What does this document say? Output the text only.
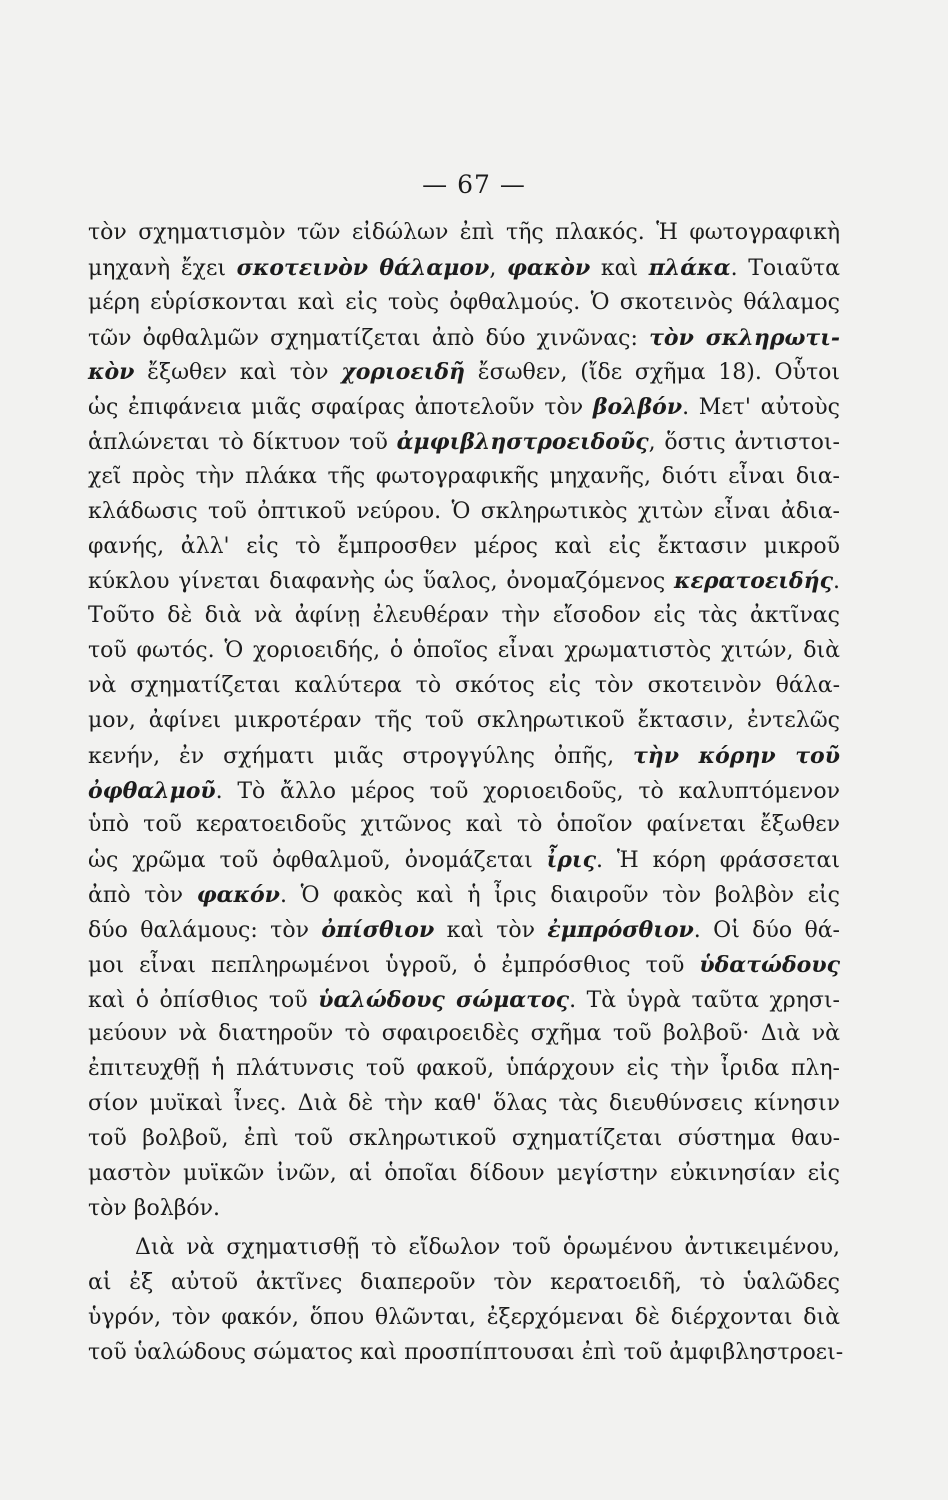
— 67 —
τὸν σχηματισμὸν τῶν εἰδώλων ἐπὶ τῆς πλακός. Ἡ φωτογραφικὴ
μηχανὴ ἔχει σκοτεινὸν θάλαμον, φακὸν καὶ πλάκα. Τοιαῦτα
μέρη εὑρίσκονται καὶ εἰς τοὺς ὀφθαλμούς. Ὁ σκοτεινὸς θάλαμος
τῶν ὀφθαλμῶν σχηματίζεται ἀπὸ δύο χινῶνας: τὸν σκληρωτι-
κὸν ἔξωθεν καὶ τὸν χοριοειδῆ ἔσωθεν, (ἴδε σχῆμα 18). Οὗτοι
ὡς ἐπιφάνεια μιᾶς σφαίρας ἀποτελοῦν τὸν βολβόν. Μετ' αὐτοὺς
ἁπλώνεται τὸ δίκτυον τοῦ ἀμφιβληστροειδοῦς, ὅστις ἀντιστοι-
χεῖ πρὸς τὴν πλάκα τῆς φωτογραφικῆς μηχανῆς, διότι εἶναι δια-
κλάδωσις τοῦ ὀπτικοῦ νεύρου. Ὁ σκληρωτικὸς χιτὼν εἶναι ἀδια-
φανής, ἀλλ' εἰς τὸ ἔμπροσθεν μέρος καὶ εἰς ἔκτασιν μικροῦ
κύκλου γίνεται διαφανὴς ὡς ὕαλος, ὀνομαζόμενος κερατοειδής.
Τοῦτο δὲ διὰ νὰ ἀφίνῃ ἐλευθέραν τὴν εἴσοδον εἰς τὰς ἀκτῖνας
τοῦ φωτός. Ὁ χοριοειδής, ὁ ὁποῖος εἶναι χρωματιστὸς χιτών, διὰ
νὰ σχηματίζεται καλύτερα τὸ σκότος εἰς τὸν σκοτεινὸν θάλα-
μον, ἀφίνει μικροτέραν τῆς τοῦ σκληρωτικοῦ ἔκτασιν, ἐντελῶς
κενήν, ἐν σχήματι μιᾶς στρογγύλης ὀπῆς, τὴν κόρην τοῦ
ὀφθαλμοῦ. Τὸ ἄλλο μέρος τοῦ χοριοειδοῦς, τὸ καλυπτόμενον
ὑπὸ τοῦ κερατοειδοῦς χιτῶνος καὶ τὸ ὁποῖον φαίνεται ἔξωθεν
ὡς χρῶμα τοῦ ὀφθαλμοῦ, ὀνομάζεται ἶρις. Ἡ κόρη φράσσεται
ἀπὸ τὸν φακόν. Ὁ φακὸς καὶ ἡ ἶρις διαιροῦν τὸν βολβὸν εἰς
δύο θαλάμους: τὸν ὀπίσθιον καὶ τὸν ἐμπρόσθιον. Οἱ δύο θά-
μοι εἶναι πεπληρωμένοι ὑγροῦ, ὁ ἐμπρόσθιος τοῦ ὑδατώδους
καὶ ὁ ὀπίσθιος τοῦ ὑαλώδους σώματος. Τὰ ὑγρὰ ταῦτα χρησι-
μεύουν νὰ διατηροῦν τὸ σφαιροειδὲς σχῆμα τοῦ βολβοῦ· Διὰ νὰ
ἐπιτευχθῇ ἡ πλάτυνσις τοῦ φακοῦ, ὑπάρχουν εἰς τὴν ἶριδα πλη-
σίον μυϊκαὶ ἶνες. Διὰ δὲ τὴν καθ' ὅλας τὰς διευθύνσεις κίνησιν
τοῦ βολβοῦ, ἐπὶ τοῦ σκληρωτικοῦ σχηματίζεται σύστημα θαυ-
μαστὸν μυϊκῶν ἰνῶν, αἱ ὁποῖαι δίδουν μεγίστην εὐκινησίαν εἰς
τὸν βολβόν.
Διὰ νὰ σχηματισθῇ τὸ εἴδωλον τοῦ ὁρωμένου ἀντικειμένου,
αἱ ἐξ αὐτοῦ ἀκτῖνες διαπεροῦν τὸν κερατοειδῆ, τὸ ὑαλῶδες
ὑγρόν, τὸν φακόν, ὅπου θλῶνται, ἐξερχόμεναι δὲ διέρχονται διὰ
τοῦ ὑαλώδους σώματος καὶ προσπίπτουσαι ἐπὶ τοῦ ἀμφιβληστροει-
